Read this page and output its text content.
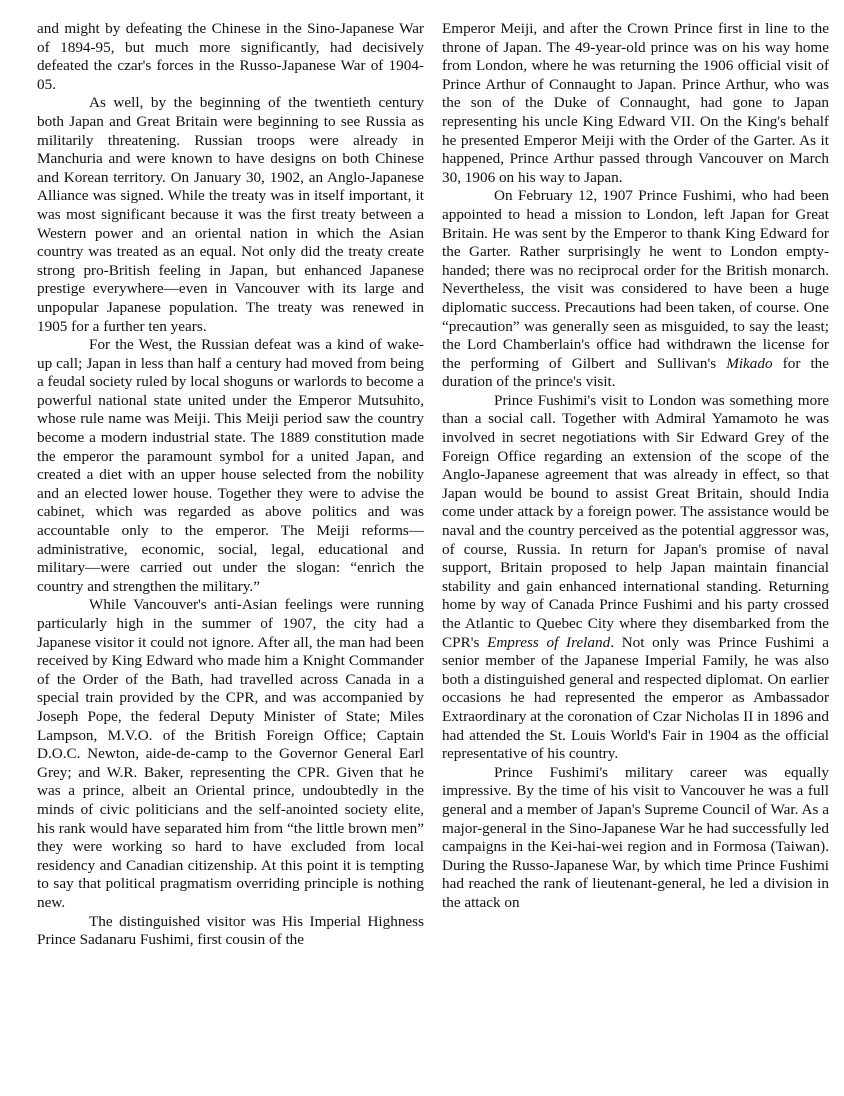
and might by defeating the Chinese in the Sino-Japanese War of 1894-95, but much more significantly, had decisively defeated the czar's forces in the Russo-Japanese War of 1904-05.

As well, by the beginning of the twentieth century both Japan and Great Britain were beginning to see Russia as militarily threatening. Russian troops were already in Manchuria and were known to have designs on both Chinese and Korean territory. On January 30, 1902, an Anglo-Japanese Alliance was signed. While the treaty was in itself important, it was most significant because it was the first treaty between a Western power and an oriental nation in which the Asian country was treated as an equal. Not only did the treaty create strong pro-British feeling in Japan, but enhanced Japanese prestige everywhere—even in Vancouver with its large and unpopular Japanese population. The treaty was renewed in 1905 for a further ten years.

For the West, the Russian defeat was a kind of wake-up call; Japan in less than half a century had moved from being a feudal society ruled by local shoguns or warlords to become a powerful national state united under the Emperor Mutsuhito, whose rule name was Meiji. This Meiji period saw the country become a modern industrial state. The 1889 constitution made the emperor the paramount symbol for a united Japan, and created a diet with an upper house selected from the nobility and an elected lower house. Together they were to advise the cabinet, which was regarded as above politics and was accountable only to the emperor. The Meiji reforms—administrative, economic, social, legal, educational and military—were carried out under the slogan: “enrich the country and strengthen the military.”

While Vancouver's anti-Asian feelings were running particularly high in the summer of 1907, the city had a Japanese visitor it could not ignore. After all, the man had been received by King Edward who made him a Knight Commander of the Order of the Bath, had travelled across Canada in a special train provided by the CPR, and was accompanied by Joseph Pope, the federal Deputy Minister of State; Miles Lampson, M.V.O. of the British Foreign Office; Captain D.O.C. Newton, aide-de-camp to the Governor General Earl Grey; and W.R. Baker, representing the CPR. Given that he was a prince, albeit an Oriental prince, undoubtedly in the minds of civic politicians and the self-anointed society elite, his rank would have separated him from “the little brown men” they were working so hard to have excluded from local residency and Canadian citizenship. At this point it is tempting to say that political pragmatism overriding principle is nothing new.

The distinguished visitor was His Imperial Highness Prince Sadanaru Fushimi, first cousin of the

Emperor Meiji, and after the Crown Prince first in line to the throne of Japan. The 49-year-old prince was on his way home from London, where he was returning the 1906 official visit of Prince Arthur of Connaught to Japan. Prince Arthur, who was the son of the Duke of Connaught, had gone to Japan representing his uncle King Edward VII. On the King's behalf he presented Emperor Meiji with the Order of the Garter. As it happened, Prince Arthur passed through Vancouver on March 30, 1906 on his way to Japan.

On February 12, 1907 Prince Fushimi, who had been appointed to head a mission to London, left Japan for Great Britain. He was sent by the Emperor to thank King Edward for the Garter. Rather surprisingly he went to London empty-handed; there was no reciprocal order for the British monarch. Nevertheless, the visit was considered to have been a huge diplomatic success. Precautions had been taken, of course. One “precaution” was generally seen as misguided, to say the least; the Lord Chamberlain's office had withdrawn the license for the performing of Gilbert and Sullivan's Mikado for the duration of the prince's visit.

Prince Fushimi's visit to London was something more than a social call. Together with Admiral Yamamoto he was involved in secret negotiations with Sir Edward Grey of the Foreign Office regarding an extension of the scope of the Anglo-Japanese agreement that was already in effect, so that Japan would be bound to assist Great Britain, should India come under attack by a foreign power. The assistance would be naval and the country perceived as the potential aggressor was, of course, Russia. In return for Japan's promise of naval support, Britain proposed to help Japan maintain financial stability and gain enhanced international standing. Returning home by way of Canada Prince Fushimi and his party crossed the Atlantic to Quebec City where they disembarked from the CPR's Empress of Ireland. Not only was Prince Fushimi a senior member of the Japanese Imperial Family, he was also both a distinguished general and respected diplomat. On earlier occasions he had represented the emperor as Ambassador Extraordinary at the coronation of Czar Nicholas II in 1896 and had attended the St. Louis World's Fair in 1904 as the official representative of his country.

Prince Fushimi's military career was equally impressive. By the time of his visit to Vancouver he was a full general and a member of Japan's Supreme Council of War. As a major-general in the Sino-Japanese War he had successfully led campaigns in the Kei-hai-wei region and in Formosa (Taiwan). During the Russo-Japanese War, by which time Prince Fushimi had reached the rank of lieutenant-general, he led a division in the attack on
